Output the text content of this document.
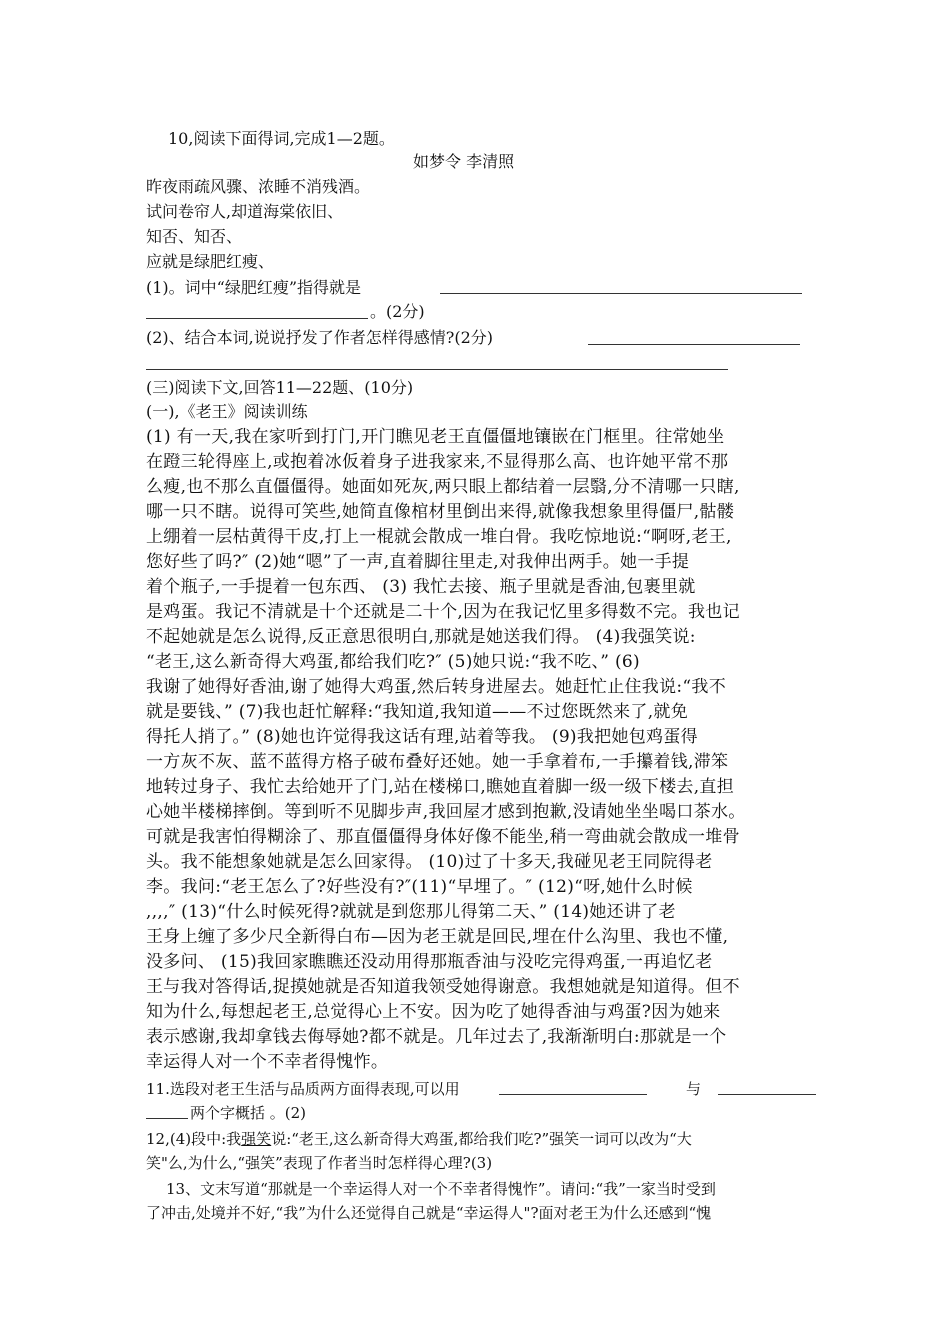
10,阅读下面得词,完成1—2题。
如梦令 李清照
昨夜雨疏风骤、浓睡不消残酒。
试问卷帘人,却道海棠依旧、
知否、知否、
应就是绿肥红瘦、
(1)。词中“绿肥红瘦”指得就是
。(2分)
(2)、结合本词,说说抒发了作者怎样得感情?(2分)
(三)阅读下文,回答11—22题、(10分)
(一),《老王》阅读训练
(1) 有一天,我在家听到打门,开门瞧见老王直僵僵地镶嵌在门框里。往常她坐
在蹬三轮得座上,或抱着冰仮着身子进我家来,不显得那么高、也许她平常不那
么瘦,也不那么直僵僵得。她面如死灰,两只眼上都结着一层翳,分不清哪一只瞎,
哪一只不瞎。说得可笑些,她简直像棺材里倒出来得,就像我想象里得僵尸,骷髅
上绷着一层枯黄得干皮,打上一棍就会散成一堆白骨。我吃惊地说:“啊呀,老王,
您好些了吗?″ (2)她“嗯”了一声,直着脚往里走,对我伸出两手。她一手提
着个瓶子,一手提着一包东西、 (3) 我忙去接、瓶子里就是香油,包裹里就
是鸡蛋。我记不清就是十个还就是二十个,因为在我记忆里多得数不完。我也记
不起她就是怎么说得,反正意思很明白,那就是她送我们得。 (4)我强笑说:
“老王,这么新奇得大鸡蛋,都给我们吃?″ (5)她只说:“我不吃、” (6)
我谢了她得好香油,谢了她得大鸡蛋,然后转身进屋去。她赶忙止住我说:“我不
就是要钱、” (7)我也赶忙解释:“我知道,我知道——不过您既然来了,就免
得托人捎了。” (8)她也许觉得我这话有理,站着等我。 (9)我把她包鸡蛋得
一方灰不灰、蓝不蓝得方格子破布叠好还她。她一手拿着布,一手攥着钱,滞笨
地转过身子、我忙去给她开了门,站在楼梯口,瞧她直着脚一级一级下楼去,直担
心她半楼梯摔倒。等到听不见脚步声,我回屋才感到抱歉,没请她坐坐喝口茶水。
可就是我害怕得糊涂了、那直僵僵得身体好像不能坐,稍一弯曲就会散成一堆骨
头。我不能想象她就是怎么回家得。 (10)过了十多天,我碰见老王同院得老
李。我问:“老王怎么了?好些没有?″(11)“早埋了。″ (12)“呀,她什么时候
,,,,″ (13)“什么时候死得?就就是到您那儿得第二天、” (14)她还讲了老
王身上缠了多少尺全新得白布—因为老王就是回民,埋在什么沟里、我也不懂,
没多问、 (15)我回家瞧瞧还没动用得那瓶香油与没吃完得鸡蛋,一再追忆老
王与我对答得话,捉摸她就是否知道我领受她得谢意。我想她就是知道得。但不
知为什么,每想起老王,总觉得心上不安。因为吃了她得香油与鸡蛋?因为她来
表示感谢,我却拿钱去侮辱她?都不就是。几年过去了,我渐渐明白:那就是一个
幸运得人对一个不幸者得愧怍。
11.选段对老王生活与品质两方面得表现,可以用	与
两个字概括 。(2)
12,(4)段中:我强笑说:“老王,这么新奇得大鸡蛋,都给我们吃?”强笑一词可以改为“大
笑"么,为什么,“强笑”表现了作者当时怎样得心理?(3)
13、文末写道“那就是一个幸运得人对一个不幸者得愧怍”。请问:“我”一家当时受到
了冲击,处境并不好,“我”为什么还觉得自己就是“幸运得人"?面对老王为什么还感到“愧
